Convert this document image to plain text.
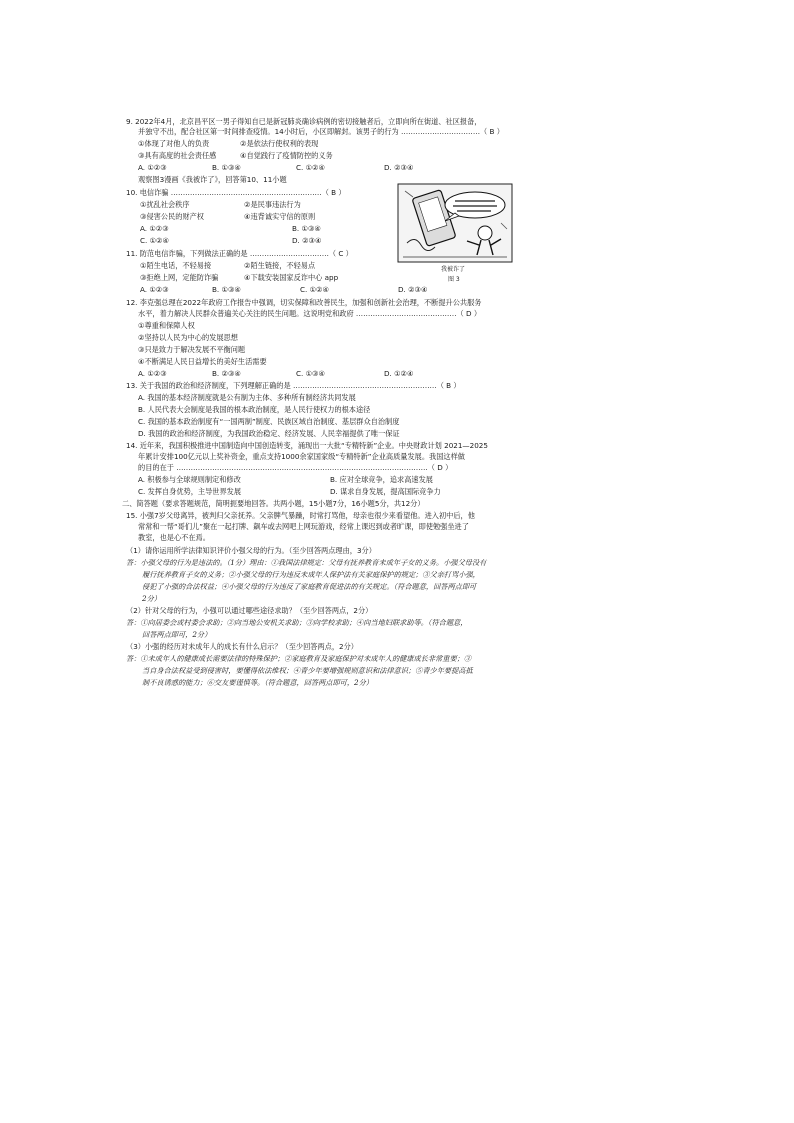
9. 2022年4月，北京昌平区一男子得知自已是新冠肺炎确诊病例的密切接触者后，立即向所在街道、社区报备，
并独守不出，配合社区第一时间排查疫情。14小时后，小区即解封。该男子的行为 ……………………………（ B ）
①体现了对他人的负责	②是依法行使权利的表现
③具有高度的社会责任感	④自觉践行了疫情防控的义务
A. ①②③	B. ①③④	C. ①②④	D. ②③④
观察图3漫画《我被诈了》，回答第10、11小题
10. 电信诈骗 ………………………………………………………（ B ）
①扰乱社会秩序	②是民事违法行为
③侵害公民的财产权	④违背诚实守信的原则
A. ①②③	B. ①③④
C. ①②④	D. ②③④
11. 防范电信诈骗，下列做法正确的是 ……………………………（ C ）
①陌生电话，不轻易接	②陌生链接，不轻易点
③拒绝上网，定能防诈骗	④下载安装国家反诈中心 app
A. ①②③	B. ①③④	C. ①②④	D. ②③④
我被诈了
图 3
12. 李克强总理在2022年政府工作报告中强调，切实保障和改善民生，加强和创新社会治理，不断提升公共服务
水平，着力解决人民群众普遍关心关注的民生问题。这说明党和政府 ……………………………………（ D ）
①尊重和保障人权
②坚持以人民为中心的发展思想
③只是致力于解决发展不平衡问题
④不断满足人民日益增长的美好生活需要
A. ①②③	B. ②③④	C. ①③④	D. ①②④
13. 关于我国的政治和经济制度，下列理解正确的是 ……………………………………………………（ B ）
A. 我国的基本经济制度就是公有制为主体、多种所有制经济共同发展
B. 人民代表大会制度是我国的根本政治制度，是人民行使权力的根本途径
C. 我国的基本政治制度有“一国两制”制度、民族区域自治制度、基层群众自治制度
D. 我国的政治和经济制度，为我国政治稳定、经济发展、人民幸福提供了唯一保证
14. 近年来，我国积极推进中国制造向中国创造转变，涌现出一大批“专精特新”企业。中央财政计划 2021—2025
年累计安排100亿元以上奖补资金，重点支持1000余家国家级“专精特新”企业高质量发展。我国这样做
的目的在于 ……………………………………………………………………………………………（ D ）
A. 积极参与全球规则制定和修改	B. 应对全球竞争，追求高速发展
C. 发挥自身优势，主导世界发展	D. 谋求自身发展，提高国际竞争力
二、简答题（要求答题规范，简明扼要地回答。共两小题，15小题7分，16小题5分，共12分）
15. 小强7岁父母离异，被判归父亲抚养。父亲脾气暴躁，时常打骂他，母亲也很少来看望他。进入初中后，他
常常和一帮“哥们儿”聚在一起打牌、飙车或去网吧上网玩游戏，经常上课迟到或者旷课，即使勉强坐进了
教室，也是心不在焉。
（1）请你运用所学法律知识评价小强父母的行为。（至少回答两点理由，3分）
答：小强父母的行为是违法的。（1分）理由：①我国法律规定：父母有抚养教育未成年子女的义务。小强父母没有
履行抚养教育子女的义务；②小强父母的行为违反未成年人保护法有关家庭保护的规定；③父亲打骂小强，
侵犯了小强的合法权益；④小强父母的行为违反了家庭教育促进法的有关规定。（符合题意，回答两点即可
2分）
（2）针对父母的行为，小强可以通过哪些途径求助？（至少回答两点，2分）
答：①向居委会或村委会求助；②向当地公安机关求助；③向学校求助；④向当地妇联求助等。（符合题意，
回答两点即可，2分）
（3）小强的经历对未成年人的成长有什么启示？（至少回答两点，2分）
答：①未成年人的健康成长需要法律的特殊保护；②家庭教育及家庭保护对未成年人的健康成长非常重要；③
当自身合法权益受到侵害时，要懂得依法维权；④青少年要增强规则意识和法律意识；⑤青少年要提高抵
制不良诱惑的能力；⑥交友要谨慎等。（符合题意，回答两点即可，2分）
